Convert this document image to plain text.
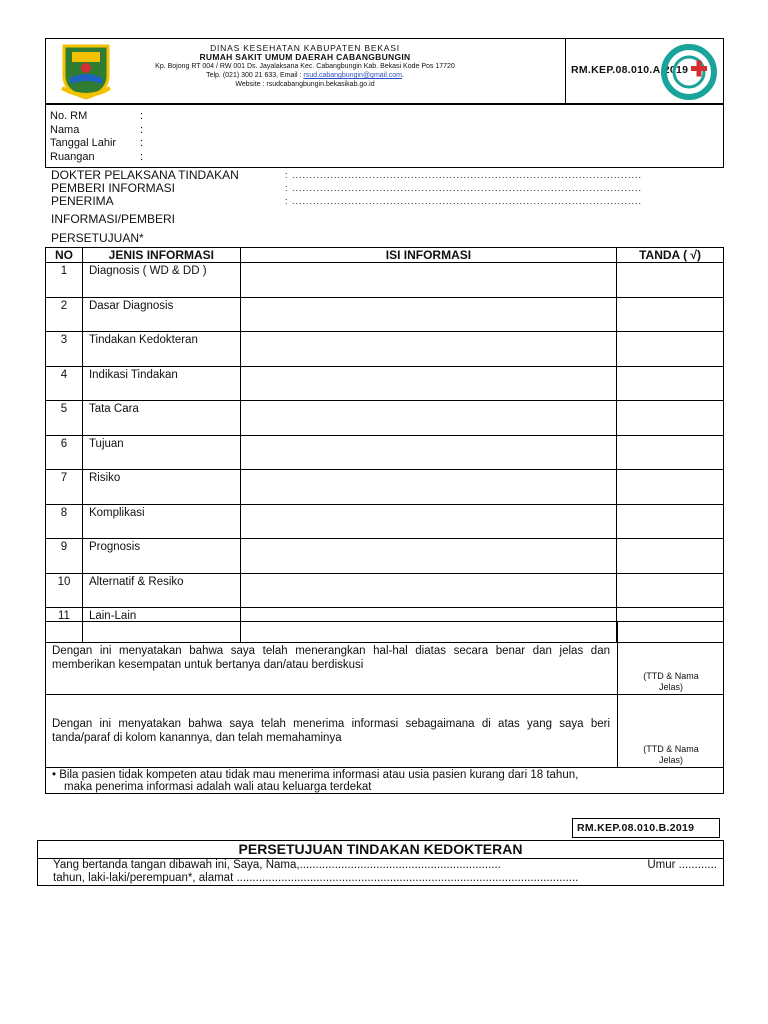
DINAS KESEHATAN KABUPATEN BEKASI
RUMAH SAKIT UMUM DAERAH CABANGBUNGIN
Kp. Bojong RT 004 / RW 001 Ds. Jayalaksana Kec. Cabangbungin Kab. Bekasi Kode Pos 17720
Telp. (021) 300 21 633, Email : rsud.cabangbungin@gmail.com.
Website : rsudcabangbungin.bekasikab.go.id
RM.KEP.08.010.A.2019
No. RM	:
Nama	:
Tanggal Lahir :
Ruangan	:
DOKTER PELAKSANA TINDAKAN	: ....................................................................................................
PEMBERI INFORMASI	: ....................................................................................................
PENERIMA	: ....................................................................................................
INFORMASI/PEMBERI
PERSETUJUAN*
NO	JENIS INFORMASI	ISI INFORMASI	TANDA ( √)
1	Diagnosis ( WD & DD )		
2	Dasar Diagnosis		
3	Tindakan Kedokteran		
4	Indikasi Tindakan		
5	Tata Cara		
6	Tujuan		
7	Risiko		
8	Komplikasi		
9	Prognosis		
10	Alternatif & Resiko		
11	Lain-Lain		
Dengan ini menyatakan bahwa saya telah menerangkan hal-hal diatas secara benar dan jelas dan memberikan kesempatan untuk bertanya dan/atau berdiskusi
(TTD & Nama
Jelas)
Dengan ini menyatakan bahwa saya telah menerima informasi sebagaimana di atas yang saya beri tanda/paraf di kolom kanannya, dan telah memahaminya
(TTD & Nama
Jelas)
• Bila pasien tidak kompeten atau tidak mau menerima informasi atau usia pasien kurang dari 18 tahun,
maka penerima informasi adalah wali atau keluarga terdekat
RM.KEP.08.010.B.2019
PERSETUJUAN TINDAKAN KEDOKTERAN
Yang bertanda tangan dibawah ini, Saya, Nama,...............................................................	Umur ............
tahun, laki-laki/perempuan*, alamat ...........................................................................................................
